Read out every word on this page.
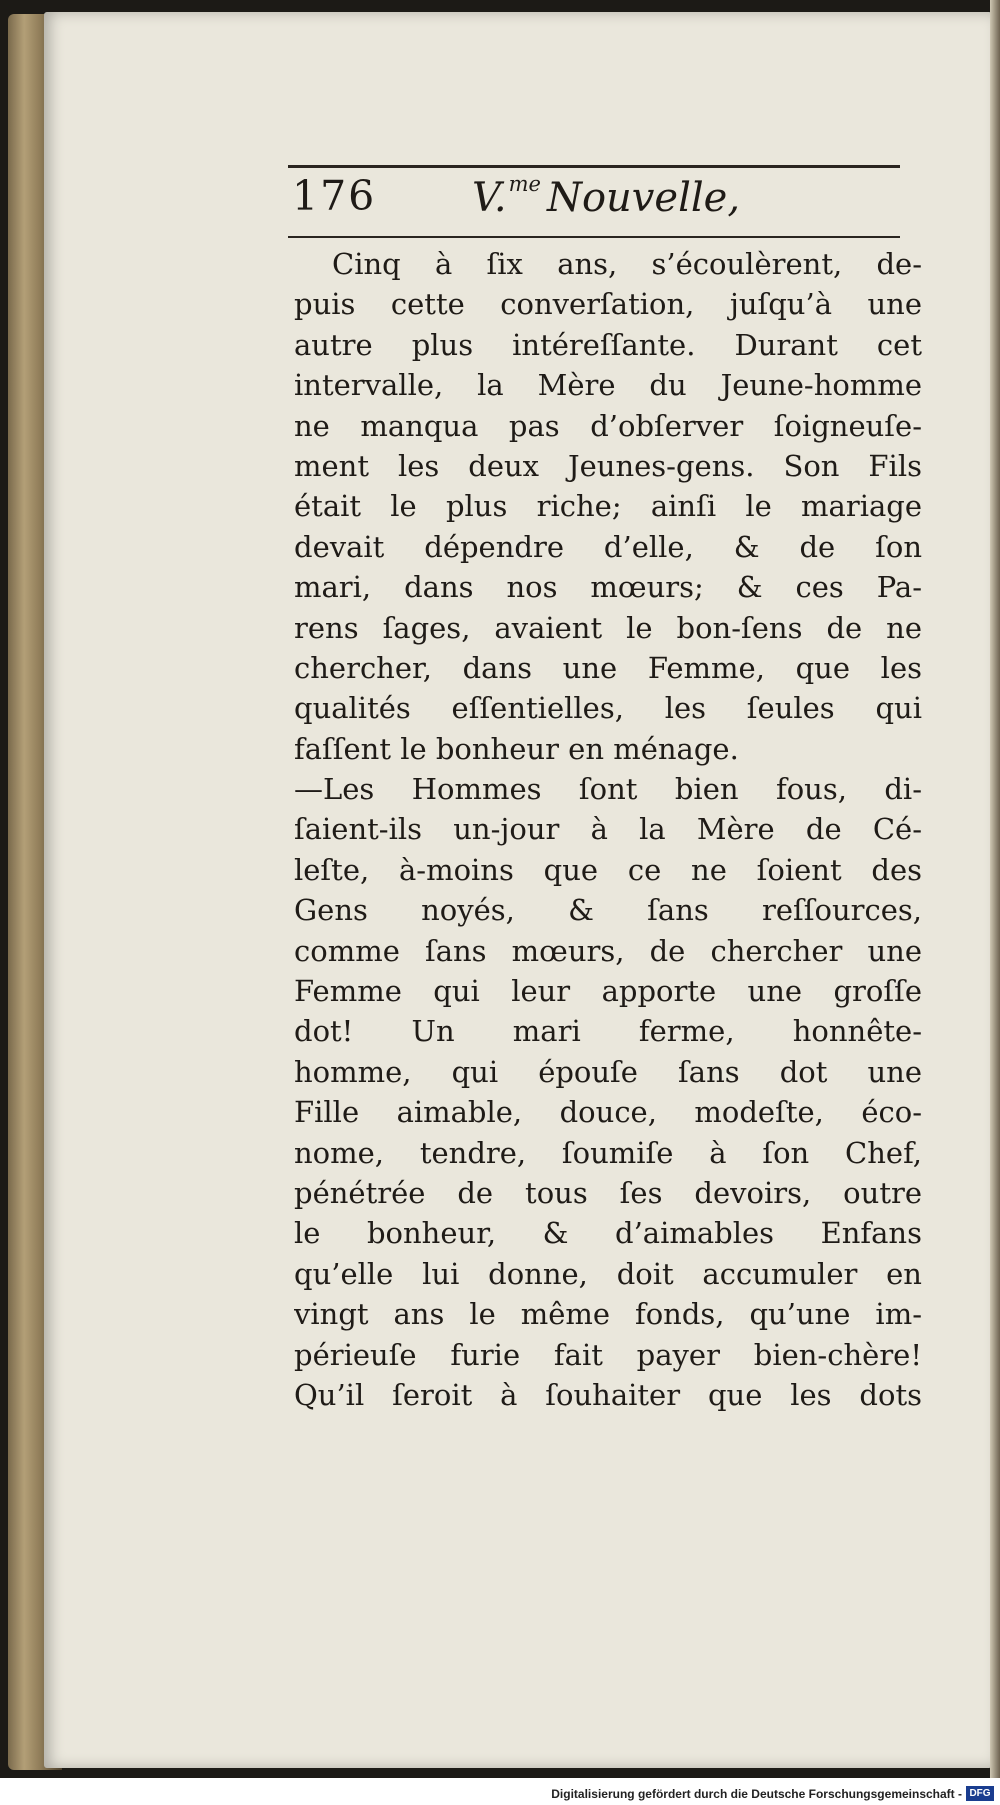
176 V.$^{me}$ Nouvelle,
Cinq à ſix ans, s’écoulèrent, de-
puis cette converſation, juſqu’à une
autre plus intéreſſante. Durant cet
intervalle, la Mère du Jeune-homme
ne manqua pas d’obſerver ſoigneuſe-
ment les deux Jeunes-gens. Son Fils
était le plus riche; ainſi le mariage
devait dépendre d’elle, & de ſon
mari, dans nos mœurs; & ces Pa-
rens ſages, avaient le bon-ſens de ne
chercher, dans une Femme, que les
qualités eſſentielles, les ſeules qui
faſſent le bonheur en ménage.
—Les Hommes ſont bien fous, di-
ſaient-ils un-jour à la Mère de Cé-
leſte, à-moins que ce ne ſoient des
Gens noyés, & ſans reſſources,
comme ſans mœurs, de chercher une
Femme qui leur apporte une groſſe
dot! Un mari ferme, honnête-
homme, qui épouſe ſans dot une
Fille aimable, douce, modeſte, éco-
nome, tendre, ſoumiſe à ſon Chef,
pénétrée de tous ſes devoirs, outre
le bonheur, & d’aimables Enfans
qu’elle lui donne, doit accumuler en
vingt ans le même fonds, qu’une im-
périeuſe furie fait payer bien-chère!
Qu’il ſeroit à ſouhaiter que les dots
Digitalisierung gefördert durch die Deutsche Forschungsgemeinschaft - DFG
